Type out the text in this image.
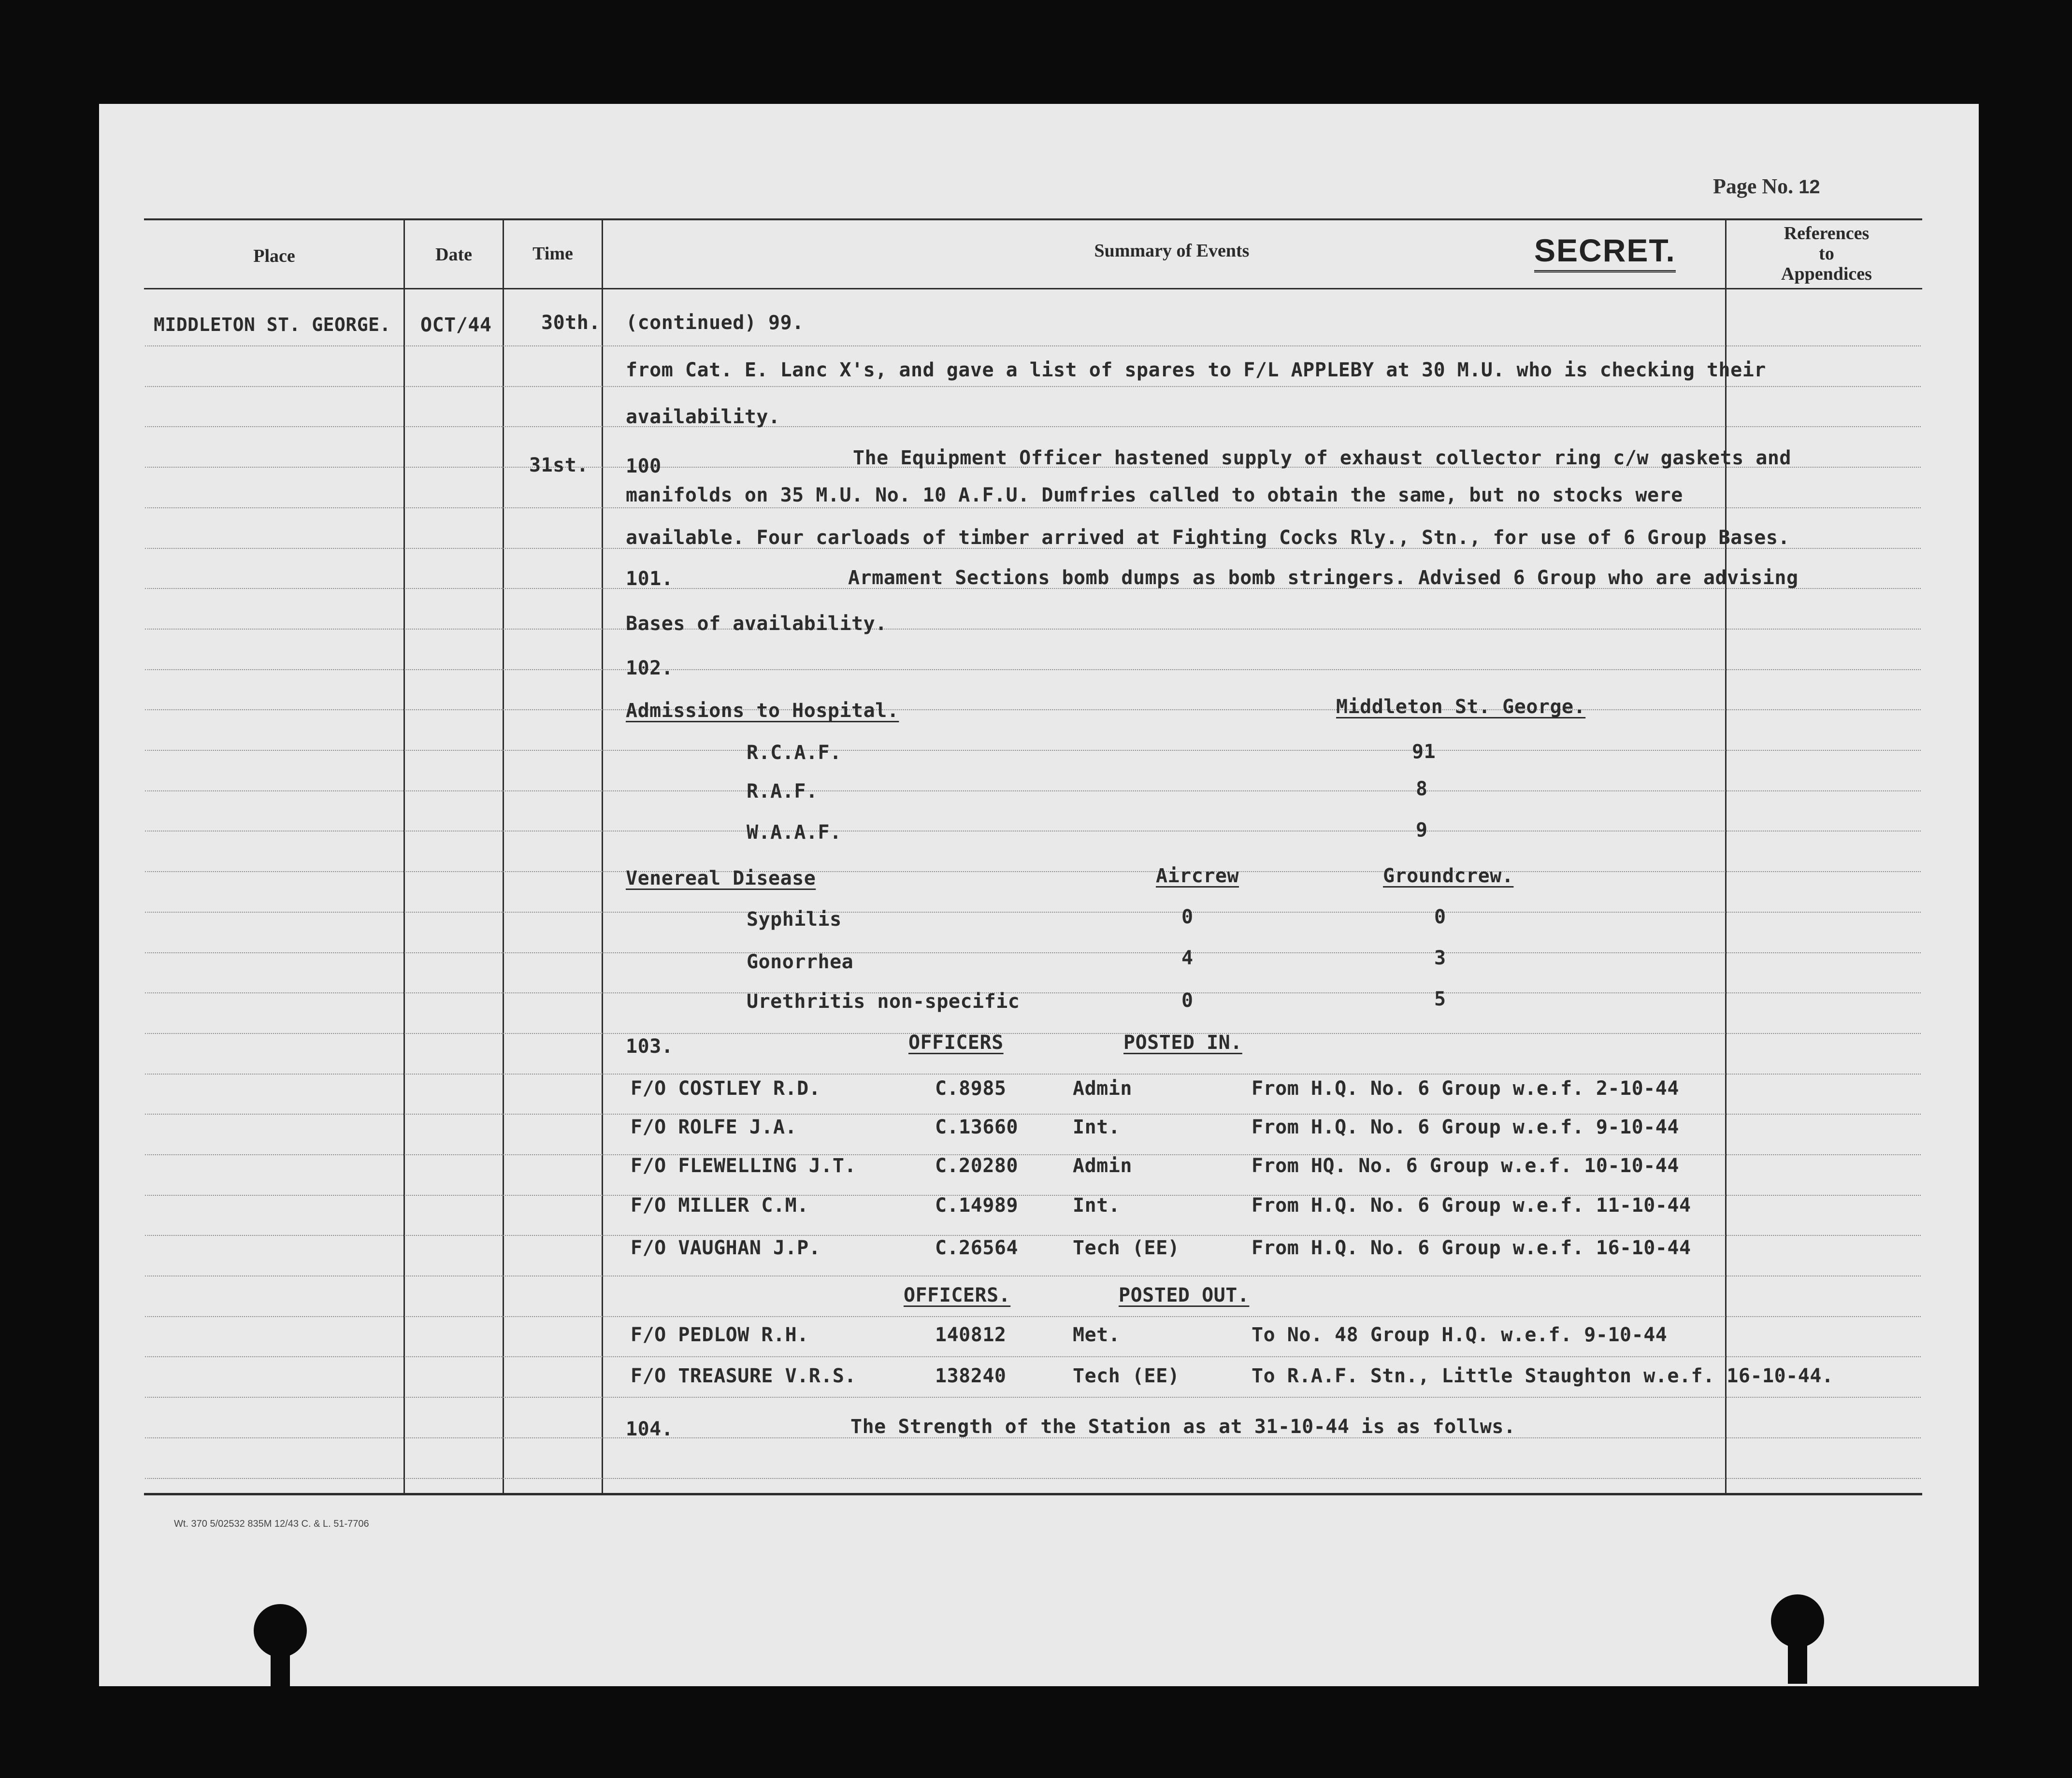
Page No. 12
Place	Date	Time	Summary of Events	SECRET.	References
to
Appendices
MIDDLETON ST. GEORGE. OCT/44	30th.
31st.
(continued) 99.
from Cat. E. Lanc X's, and gave a list of spares to F/L APPLEBY at 30 M.U. who is checking their
availability.
100	The Equipment Officer hastened supply of exhaust collector ring c/w gaskets and
manifolds on 35 M.U. No. 10 A.F.U. Dumfries called to obtain the same, but no stocks were
available. Four carloads of timber arrived at Fighting Cocks Rly., Stn., for use of 6 Group Bases.
101.	Armament Sections bomb dumps as bomb stringers. Advised 6 Group who are advising
Bases of availability.
102.
Admissions to Hospital.	Middleton St. George.
R.C.A.F.	91
R.A.F.	8
W.A.A.F.	9
Venereal Disease	Aircrew	Groundcrew.
Syphilis	0	0
Gonorrhea	4	3
Urethritis non-specific	0	5
103.	OFFICERS	POSTED IN.
F/O COSTLEY R.D.	C.8985	Admin	From H.Q. No. 6 Group w.e.f. 2-10-44
F/O ROLFE J.A.	C.13660	Int.	From H.Q. No. 6 Group w.e.f. 9-10-44
F/O FLEWELLING J.T.	C.20280	Admin	From HQ. No. 6 Group w.e.f. 10-10-44
F/O MILLER C.M.	C.14989	Int.	From H.Q. No. 6 Group w.e.f. 11-10-44
F/O VAUGHAN J.P.	C.26564	Tech (EE)	From H.Q. No. 6 Group w.e.f. 16-10-44
OFFICERS.	POSTED OUT.
F/O PEDLOW R.H.	140812	Met.	To No. 48 Group H.Q. w.e.f. 9-10-44
F/O TREASURE V.R.S.	138240	Tech (EE)	To R.A.F. Stn., Little Staughton w.e.f. 16-10-44.
104.	The Strength of the Station as at 31-10-44 is as follws.
Wt. 370 5/02532 835M 12/43 C. & L. 51-7706
